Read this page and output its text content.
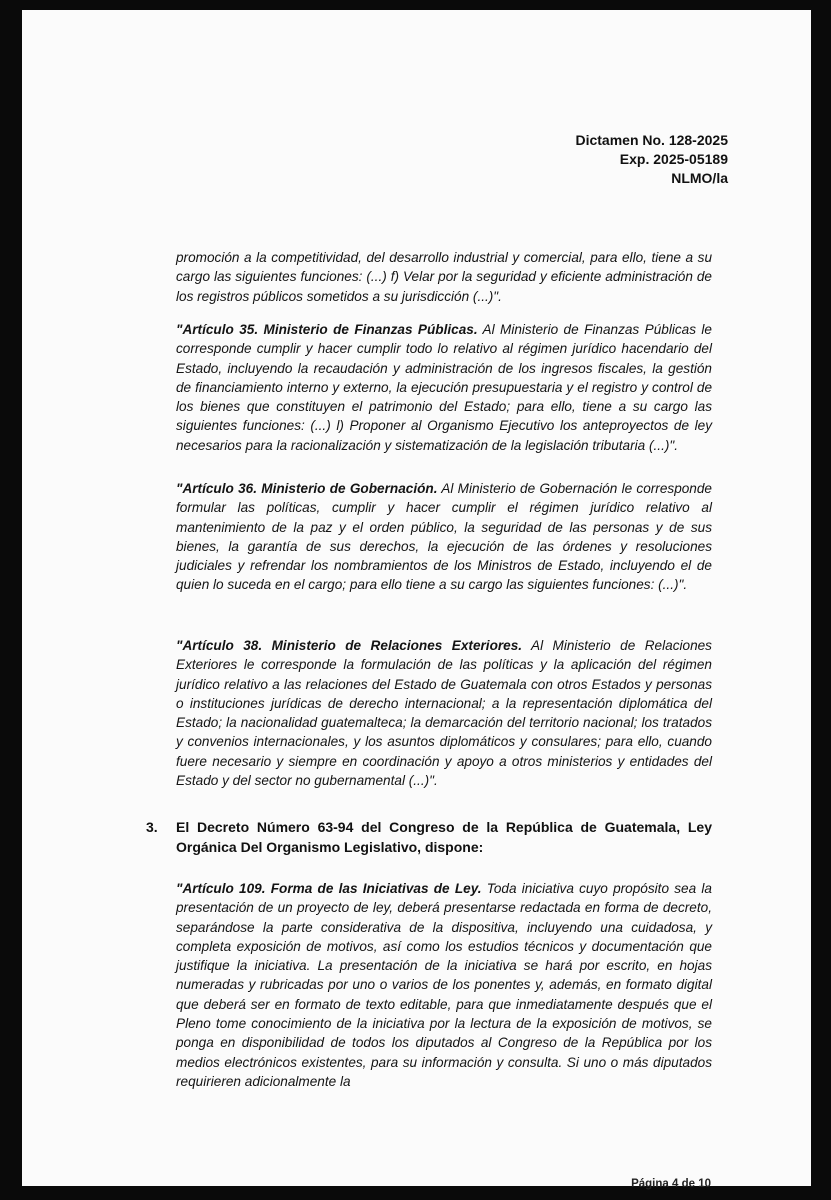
Dictamen No. 128-2025
Exp. 2025-05189
NLMO/la

promoción a la competitividad, del desarrollo industrial y comercial, para ello, tiene a su cargo las siguientes funciones: (...) f) Velar por la seguridad y eficiente administración de los registros públicos sometidos a su jurisdicción (...)".

"Artículo 35. Ministerio de Finanzas Públicas. Al Ministerio de Finanzas Públicas le corresponde cumplir y hacer cumplir todo lo relativo al régimen jurídico hacendario del Estado, incluyendo la recaudación y administración de los ingresos fiscales, la gestión de financiamiento interno y externo, la ejecución presupuestaria y el registro y control de los bienes que constituyen el patrimonio del Estado; para ello, tiene a su cargo las siguientes funciones: (...) l) Proponer al Organismo Ejecutivo los anteproyectos de ley necesarios para la racionalización y sistematización de la legislación tributaria (...)".

"Artículo 36. Ministerio de Gobernación. Al Ministerio de Gobernación le corresponde formular las políticas, cumplir y hacer cumplir el régimen jurídico relativo al mantenimiento de la paz y el orden público, la seguridad de las personas y de sus bienes, la garantía de sus derechos, la ejecución de las órdenes y resoluciones judiciales y refrendar los nombramientos de los Ministros de Estado, incluyendo el de quien lo suceda en el cargo; para ello tiene a su cargo las siguientes funciones: (...)".

"Artículo 38. Ministerio de Relaciones Exteriores. Al Ministerio de Relaciones Exteriores le corresponde la formulación de las políticas y la aplicación del régimen jurídico relativo a las relaciones del Estado de Guatemala con otros Estados y personas o instituciones jurídicas de derecho internacional; a la representación diplomática del Estado; la nacionalidad guatemalteca; la demarcación del territorio nacional; los tratados y convenios internacionales, y los asuntos diplomáticos y consulares; para ello, cuando fuere necesario y siempre en coordinación y apoyo a otros ministerios y entidades del Estado y del sector no gubernamental (...)".

3.	El Decreto Número 63-94 del Congreso de la República de Guatemala, Ley Orgánica Del Organismo Legislativo, dispone:

"Artículo 109. Forma de las Iniciativas de Ley. Toda iniciativa cuyo propósito sea la presentación de un proyecto de ley, deberá presentarse redactada en forma de decreto, separándose la parte considerativa de la dispositiva, incluyendo una cuidadosa, y completa exposición de motivos, así como los estudios técnicos y documentación que justifique la iniciativa. La presentación de la iniciativa se hará por escrito, en hojas numeradas y rubricadas por uno o varios de los ponentes y, además, en formato digital que deberá ser en formato de texto editable, para que inmediatamente después que el Pleno tome conocimiento de la iniciativa por la lectura de la exposición de motivos, se ponga en disponibilidad de todos los diputados al Congreso de la República por los medios electrónicos existentes, para su información y consulta. Si uno o más diputados requirieren adicionalmente la

Página 4 de 10
